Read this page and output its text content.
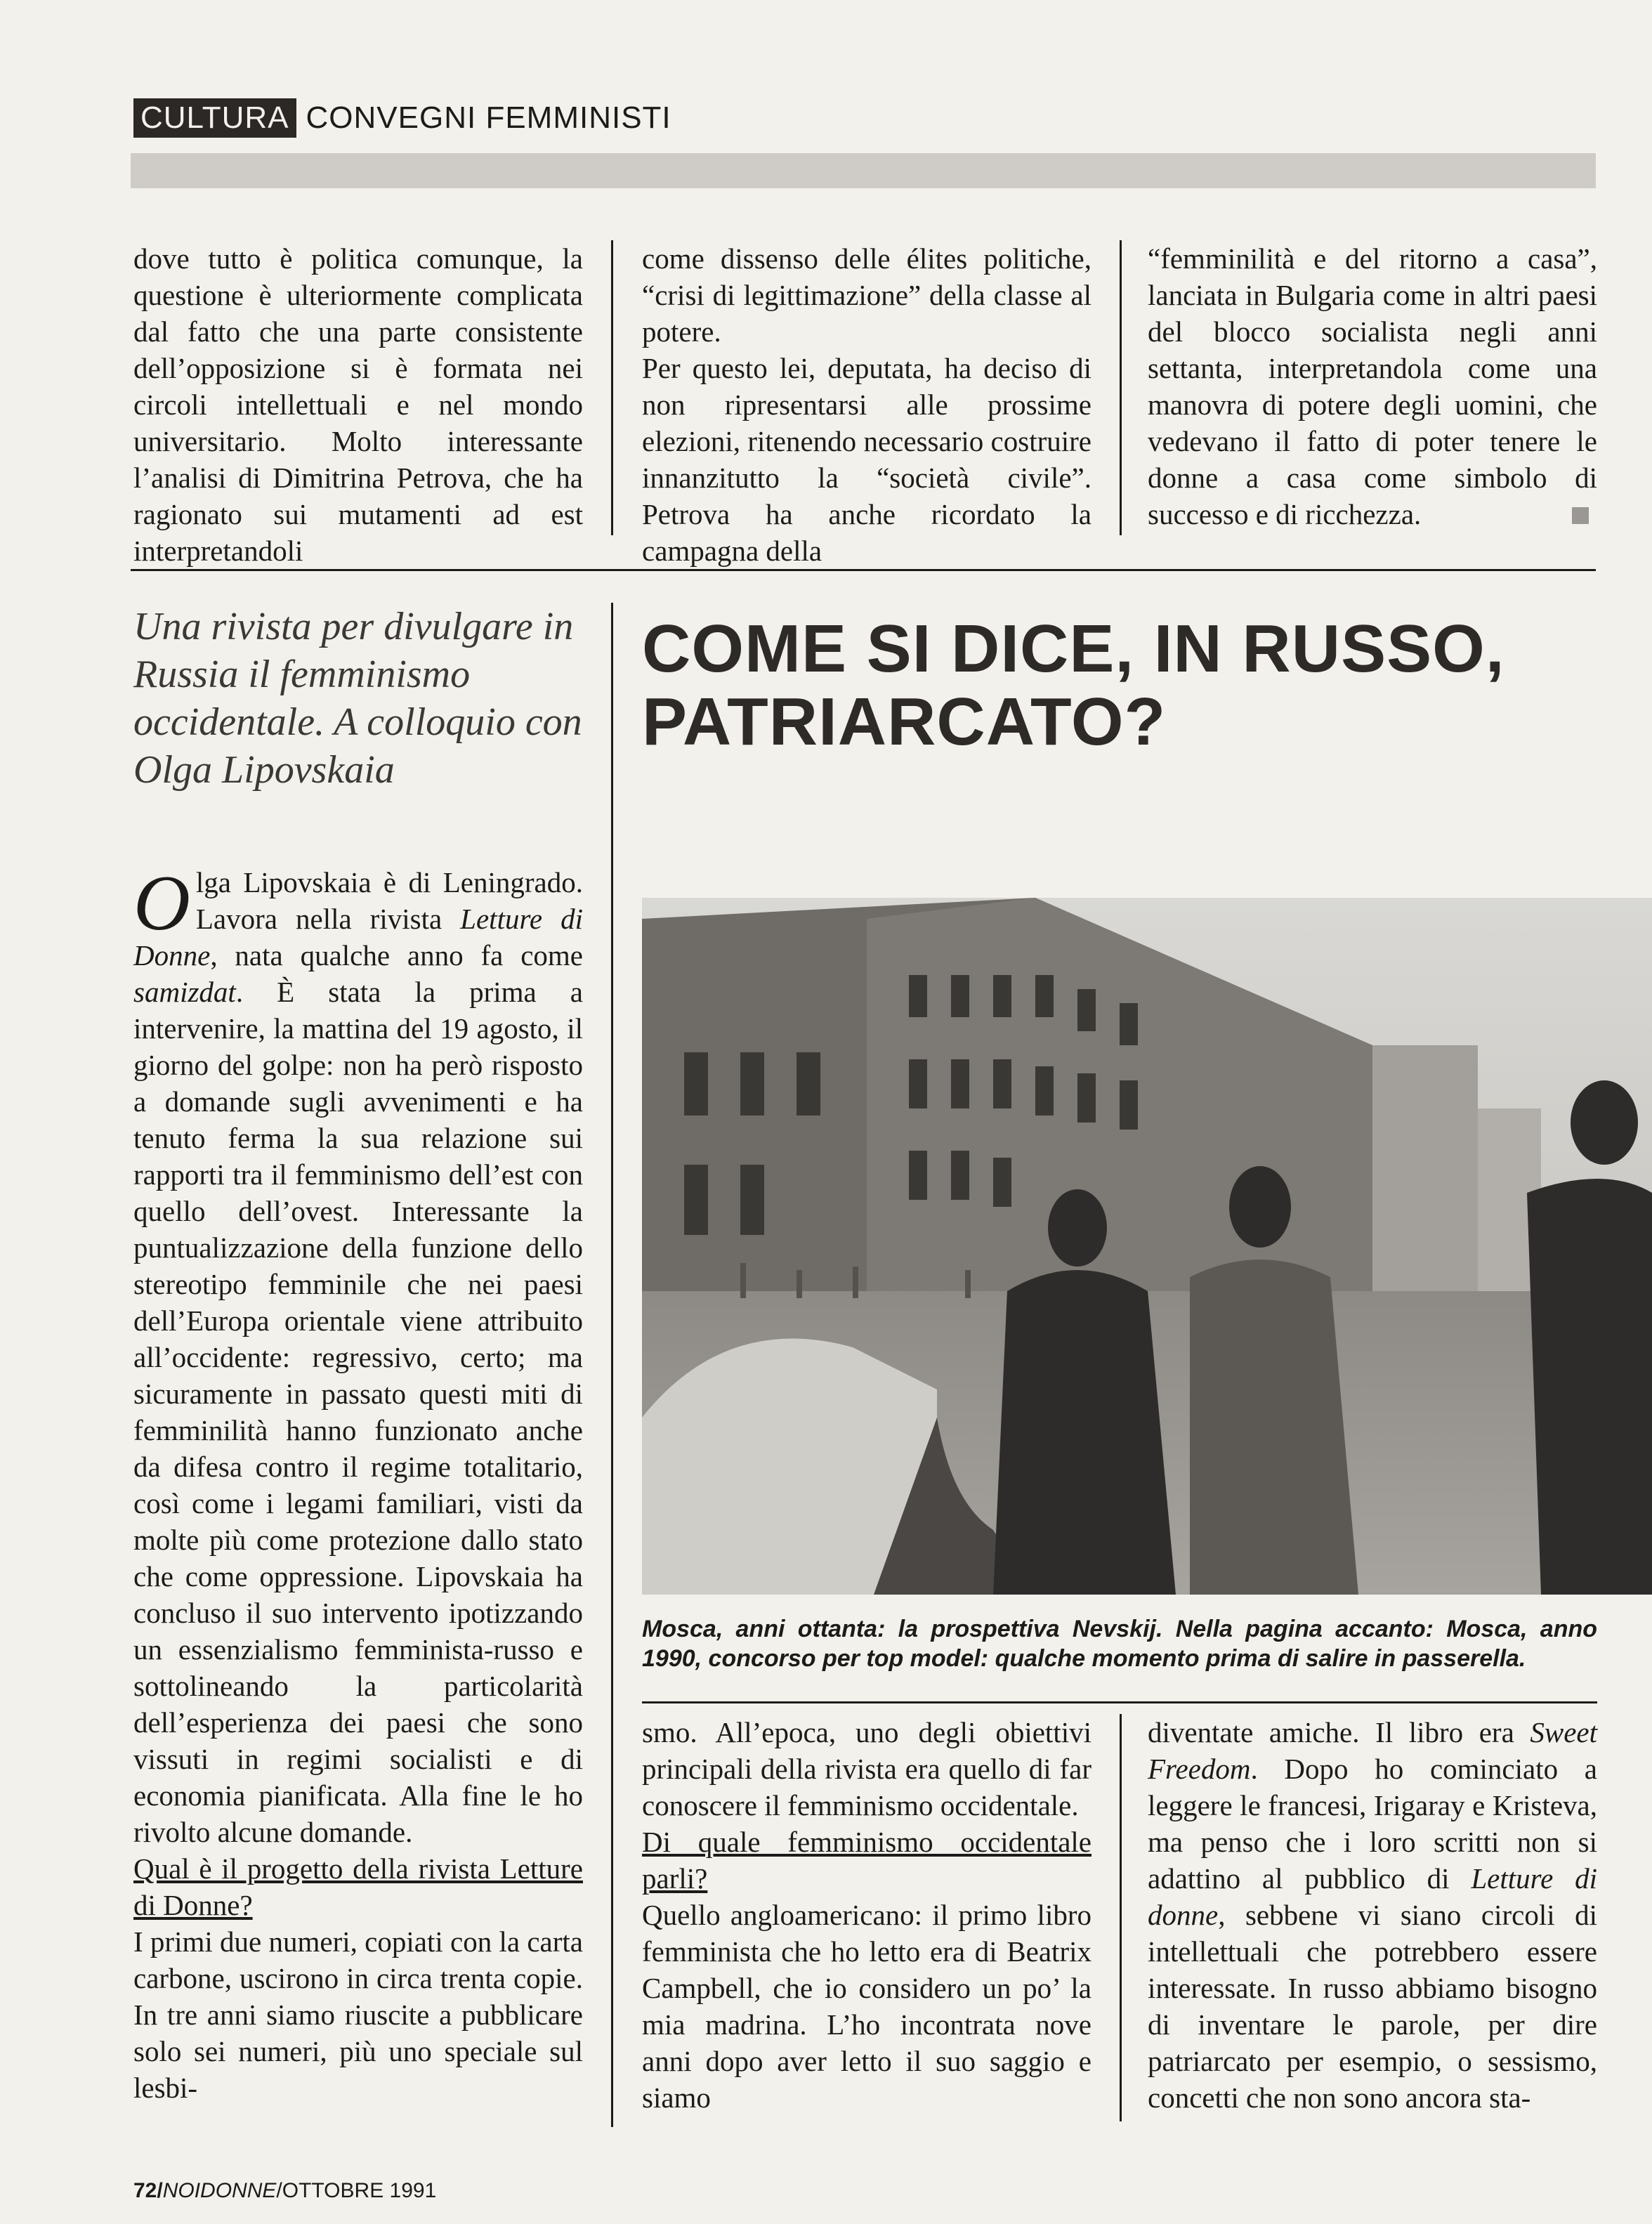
CULTURA CONVEGNI FEMMINISTI

dove tutto è politica comunque, la questione è ulteriormente complicata dal fatto che una parte consistente dell’opposizione si è formata nei circoli intellettuali e nel mondo universitario. Molto interessante l’analisi di Dimitrina Petrova, che ha ragionato sui mutamenti ad est interpretandoli

come dissenso delle élites politiche, “crisi di legittimazione” della classe al potere.

Per questo lei, deputata, ha deciso di non ripresentarsi alle prossime elezioni, ritenendo necessario costruire innanzitutto la “società civile”. Petrova ha anche ricordato la campagna della

“femminilità e del ritorno a casa”, lanciata in Bulgaria come in altri paesi del blocco socialista negli anni settanta, interpretandola come una manovra di potere degli uomini, che vedevano il fatto di poter tenere le donne a casa come simbolo di successo e di ricchezza.

Una rivista per divulgare in Russia il femminismo occidentale. A colloquio con Olga Lipovskaia
COME SI DICE, IN RUSSO, PATRIARCATO?

Olga Lipovskaia è di Leningrado. Lavora nella rivista Letture di Donne, nata qualche anno fa come samizdat. È stata la prima a intervenire, la mattina del 19 agosto, il giorno del golpe: non ha però risposto a domande sugli avvenimenti e ha tenuto ferma la sua relazione sui rapporti tra il femminismo dell’est con quello dell’ovest. Interessante la puntualizzazione della funzione dello stereotipo femminile che nei paesi dell’Europa orientale viene attribuito all’occidente: regressivo, certo; ma sicuramente in passato questi miti di femminilità hanno funzionato anche da difesa contro il regime totalitario, così come i legami familiari, visti da molte più come protezione dallo stato che come oppressione. Lipovskaia ha concluso il suo intervento ipotizzando un essenzialismo femminista-russo e sottolineando la particolarità dell’esperienza dei paesi che sono vissuti in regimi socialisti e di economia pianificata. Alla fine le ho rivolto alcune domande.

Qual è il progetto della rivista Letture di Donne?

I primi due numeri, copiati con la carta carbone, uscirono in circa trenta copie. In tre anni siamo riuscite a pubblicare solo sei numeri, più uno speciale sul lesbi-

Mosca, anni ottanta: la prospettiva Nevskij. Nella pagina accanto: Mosca, anno 1990, concorso per top model: qualche momento prima di salire in passerella.

smo. All’epoca, uno degli obiettivi principali della rivista era quello di far conoscere il femminismo occidentale.

Di quale femminismo occidentale parli?

Quello angloamericano: il primo libro femminista che ho letto era di Beatrix Campbell, che io considero un po’ la mia madrina. L’ho incontrata nove anni dopo aver letto il suo saggio e siamo

diventate amiche. Il libro era Sweet Freedom. Dopo ho cominciato a leggere le francesi, Irigaray e Kristeva, ma penso che i loro scritti non si adattino al pubblico di Letture di donne, sebbene vi siano circoli di intellettuali che potrebbero essere interessate. In russo abbiamo bisogno di inventare le parole, per dire patriarcato per esempio, o sessismo, concetti che non sono ancora sta-

72/NOIDONNE/OTTOBRE 1991
